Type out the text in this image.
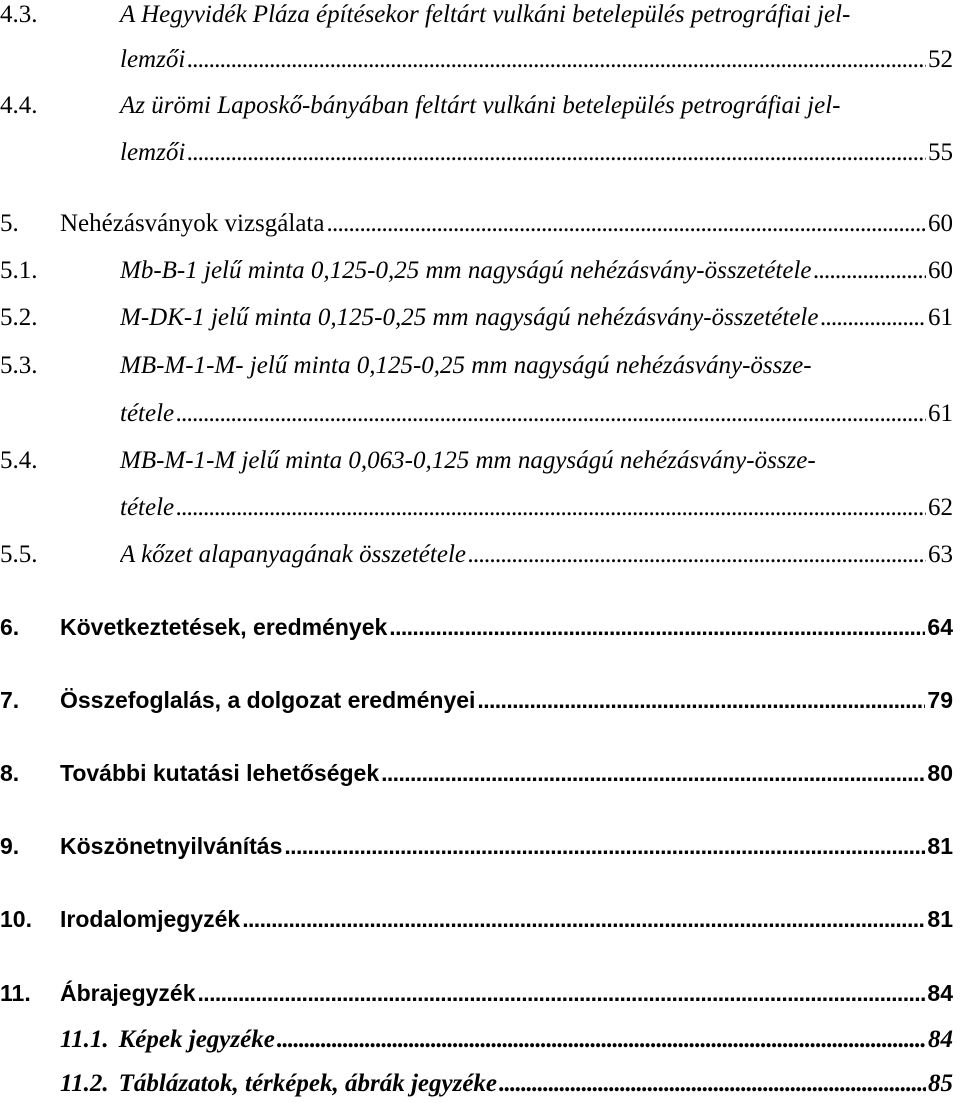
4.3.	A Hegyvidék Pláza építésekor feltárt vulkáni betelepülés petrográfiai jel-
lemzői . . .	52
4.4.	Az ürömi Laposkő-bányában feltárt vulkáni betelepülés petrográfiai jel-
lemzői . . .	55
5. Nehézásványok vizsgálata . . .	60
5.1.	Mb-B-1 jelű minta 0,125-0,25 mm nagyságú nehézásvány-összetétele . . .	60
5.2.	M-DK-1 jelű minta 0,125-0,25 mm nagyságú nehézásvány-összetétele . . .	61
5.3.	MB-M-1-M- jelű minta 0,125-0,25 mm nagyságú nehézásvány-össze-
tétele . . .	61
5.4.	MB-M-1-M jelű minta 0,063-0,125 mm nagyságú nehézásvány-össze-
tétele . . .	62
5.5.	A kőzet alapanyagának összetétele . . .	63
6. Következtetések, eredmények . . .	64
7. Összefoglalás, a dolgozat eredményei . . .	79
8. További kutatási lehetőségek . . .	80
9. Köszönetnyilvánítás . . .	81
10. Irodalomjegyzék . . .	81
11. Ábrajegyzék . . .	84
11.1. Képek jegyzéke . . .	84
11.2. Táblázatok, térképek, ábrák jegyzéke . . .	85
